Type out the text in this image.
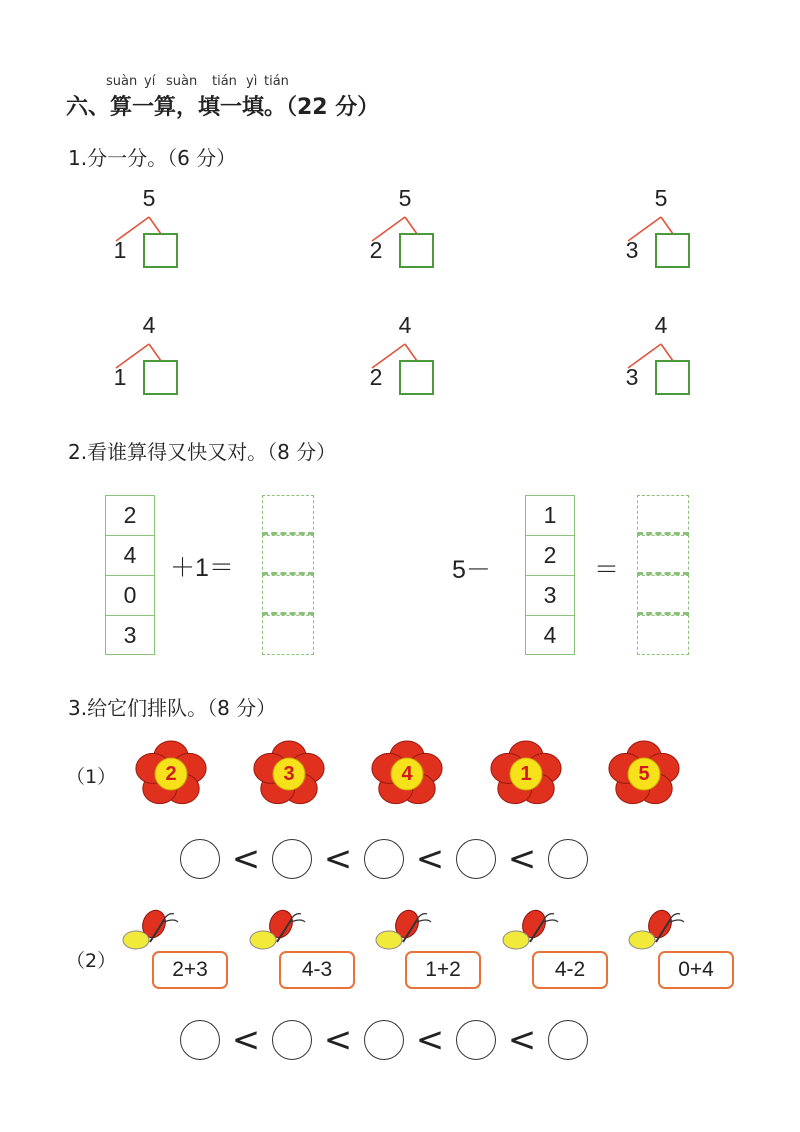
suàn yí suàn tián yì tián
六、算一算，填一填。（22 分）
1.分一分。（6 分）
5
1
5
2
5
3
4
1
4
2
4
3
2.看谁算得又快又对。（8 分）
2
4
0
3
＋1＝	5－
1
2
3
4
＝
3.给它们排队。（8 分）
（1）	2	3	4	1	5
<	<	<	<
（2）	2+3	4-3	1+2	4-2	0+4
<	<	<	<
